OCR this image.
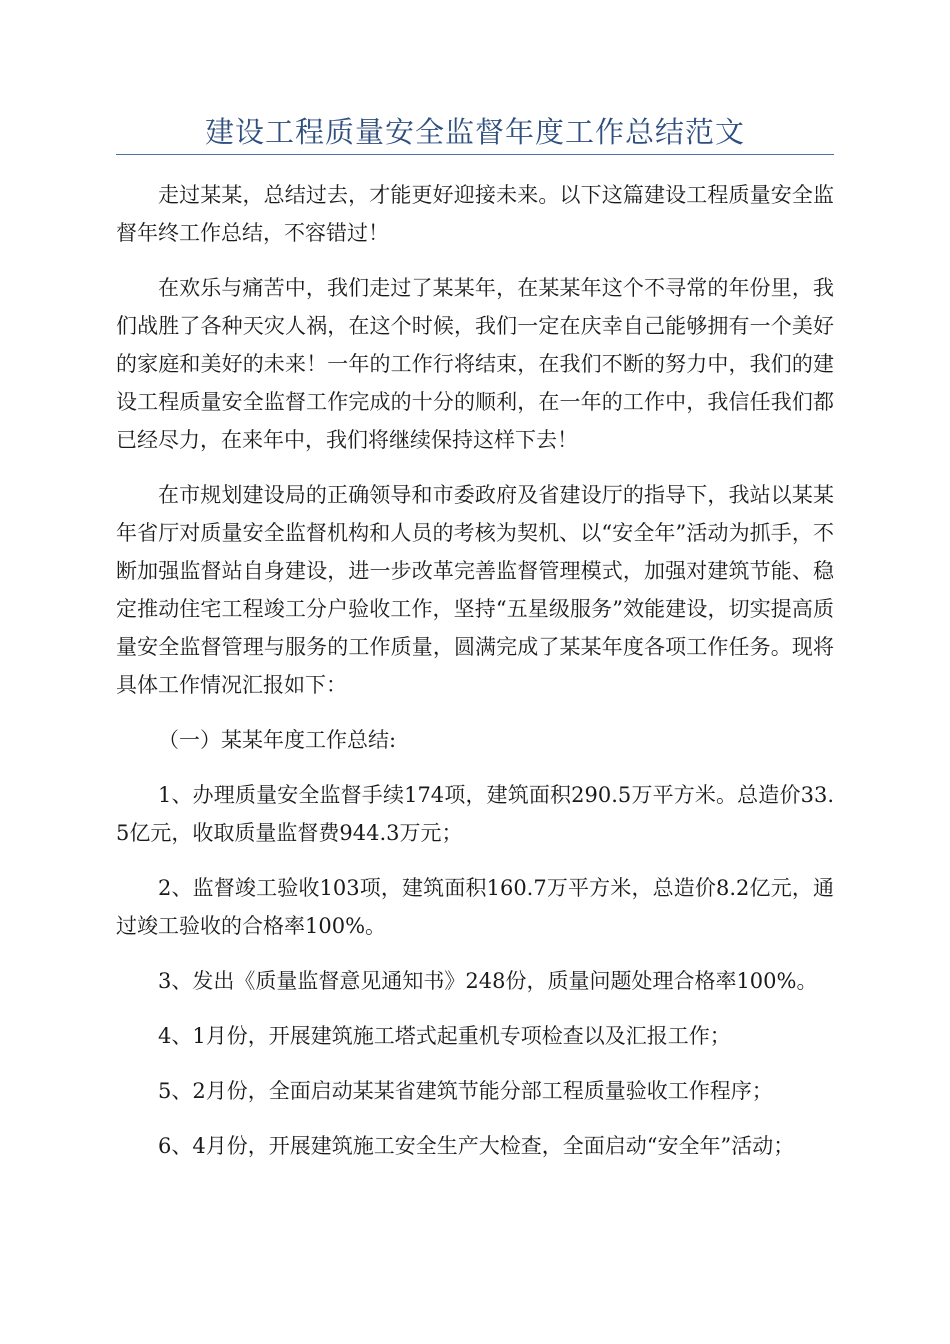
建设工程质量安全监督年度工作总结范文

走过某某，总结过去，才能更好迎接未来。以下这篇建设工程质量安全监督年终工作总结，不容错过！

在欢乐与痛苦中，我们走过了某某年，在某某年这个不寻常的年份里，我们战胜了各种天灾人祸，在这个时候，我们一定在庆幸自己能够拥有一个美好的家庭和美好的未来！一年的工作行将结束，在我们不断的努力中，我们的建设工程质量安全监督工作完成的十分的顺利，在一年的工作中，我信任我们都已经尽力，在来年中，我们将继续保持这样下去！

在市规划建设局的正确领导和市委政府及省建设厅的指导下，我站以某某年省厅对质量安全监督机构和人员的考核为契机、以“安全年”活动为抓手，不断加强监督站自身建设，进一步改革完善监督管理模式，加强对建筑节能、稳定推动住宅工程竣工分户验收工作，坚持“五星级服务”效能建设，切实提高质量安全监督管理与服务的工作质量，圆满完成了某某年度各项工作任务。现将具体工作情况汇报如下：

（一）某某年度工作总结:

1、办理质量安全监督手续174项，建筑面积290.5万平方米。总造价33.5亿元，收取质量监督费944.3万元；

2、监督竣工验收103项，建筑面积160.7万平方米，总造价8.2亿元，通过竣工验收的合格率100%。

3、发出《质量监督意见通知书》248份，质量问题处理合格率100%。

4、1月份，开展建筑施工塔式起重机专项检查以及汇报工作；

5、2月份，全面启动某某省建筑节能分部工程质量验收工作程序；

6、4月份，开展建筑施工安全生产大检查，全面启动“安全年”活动；
